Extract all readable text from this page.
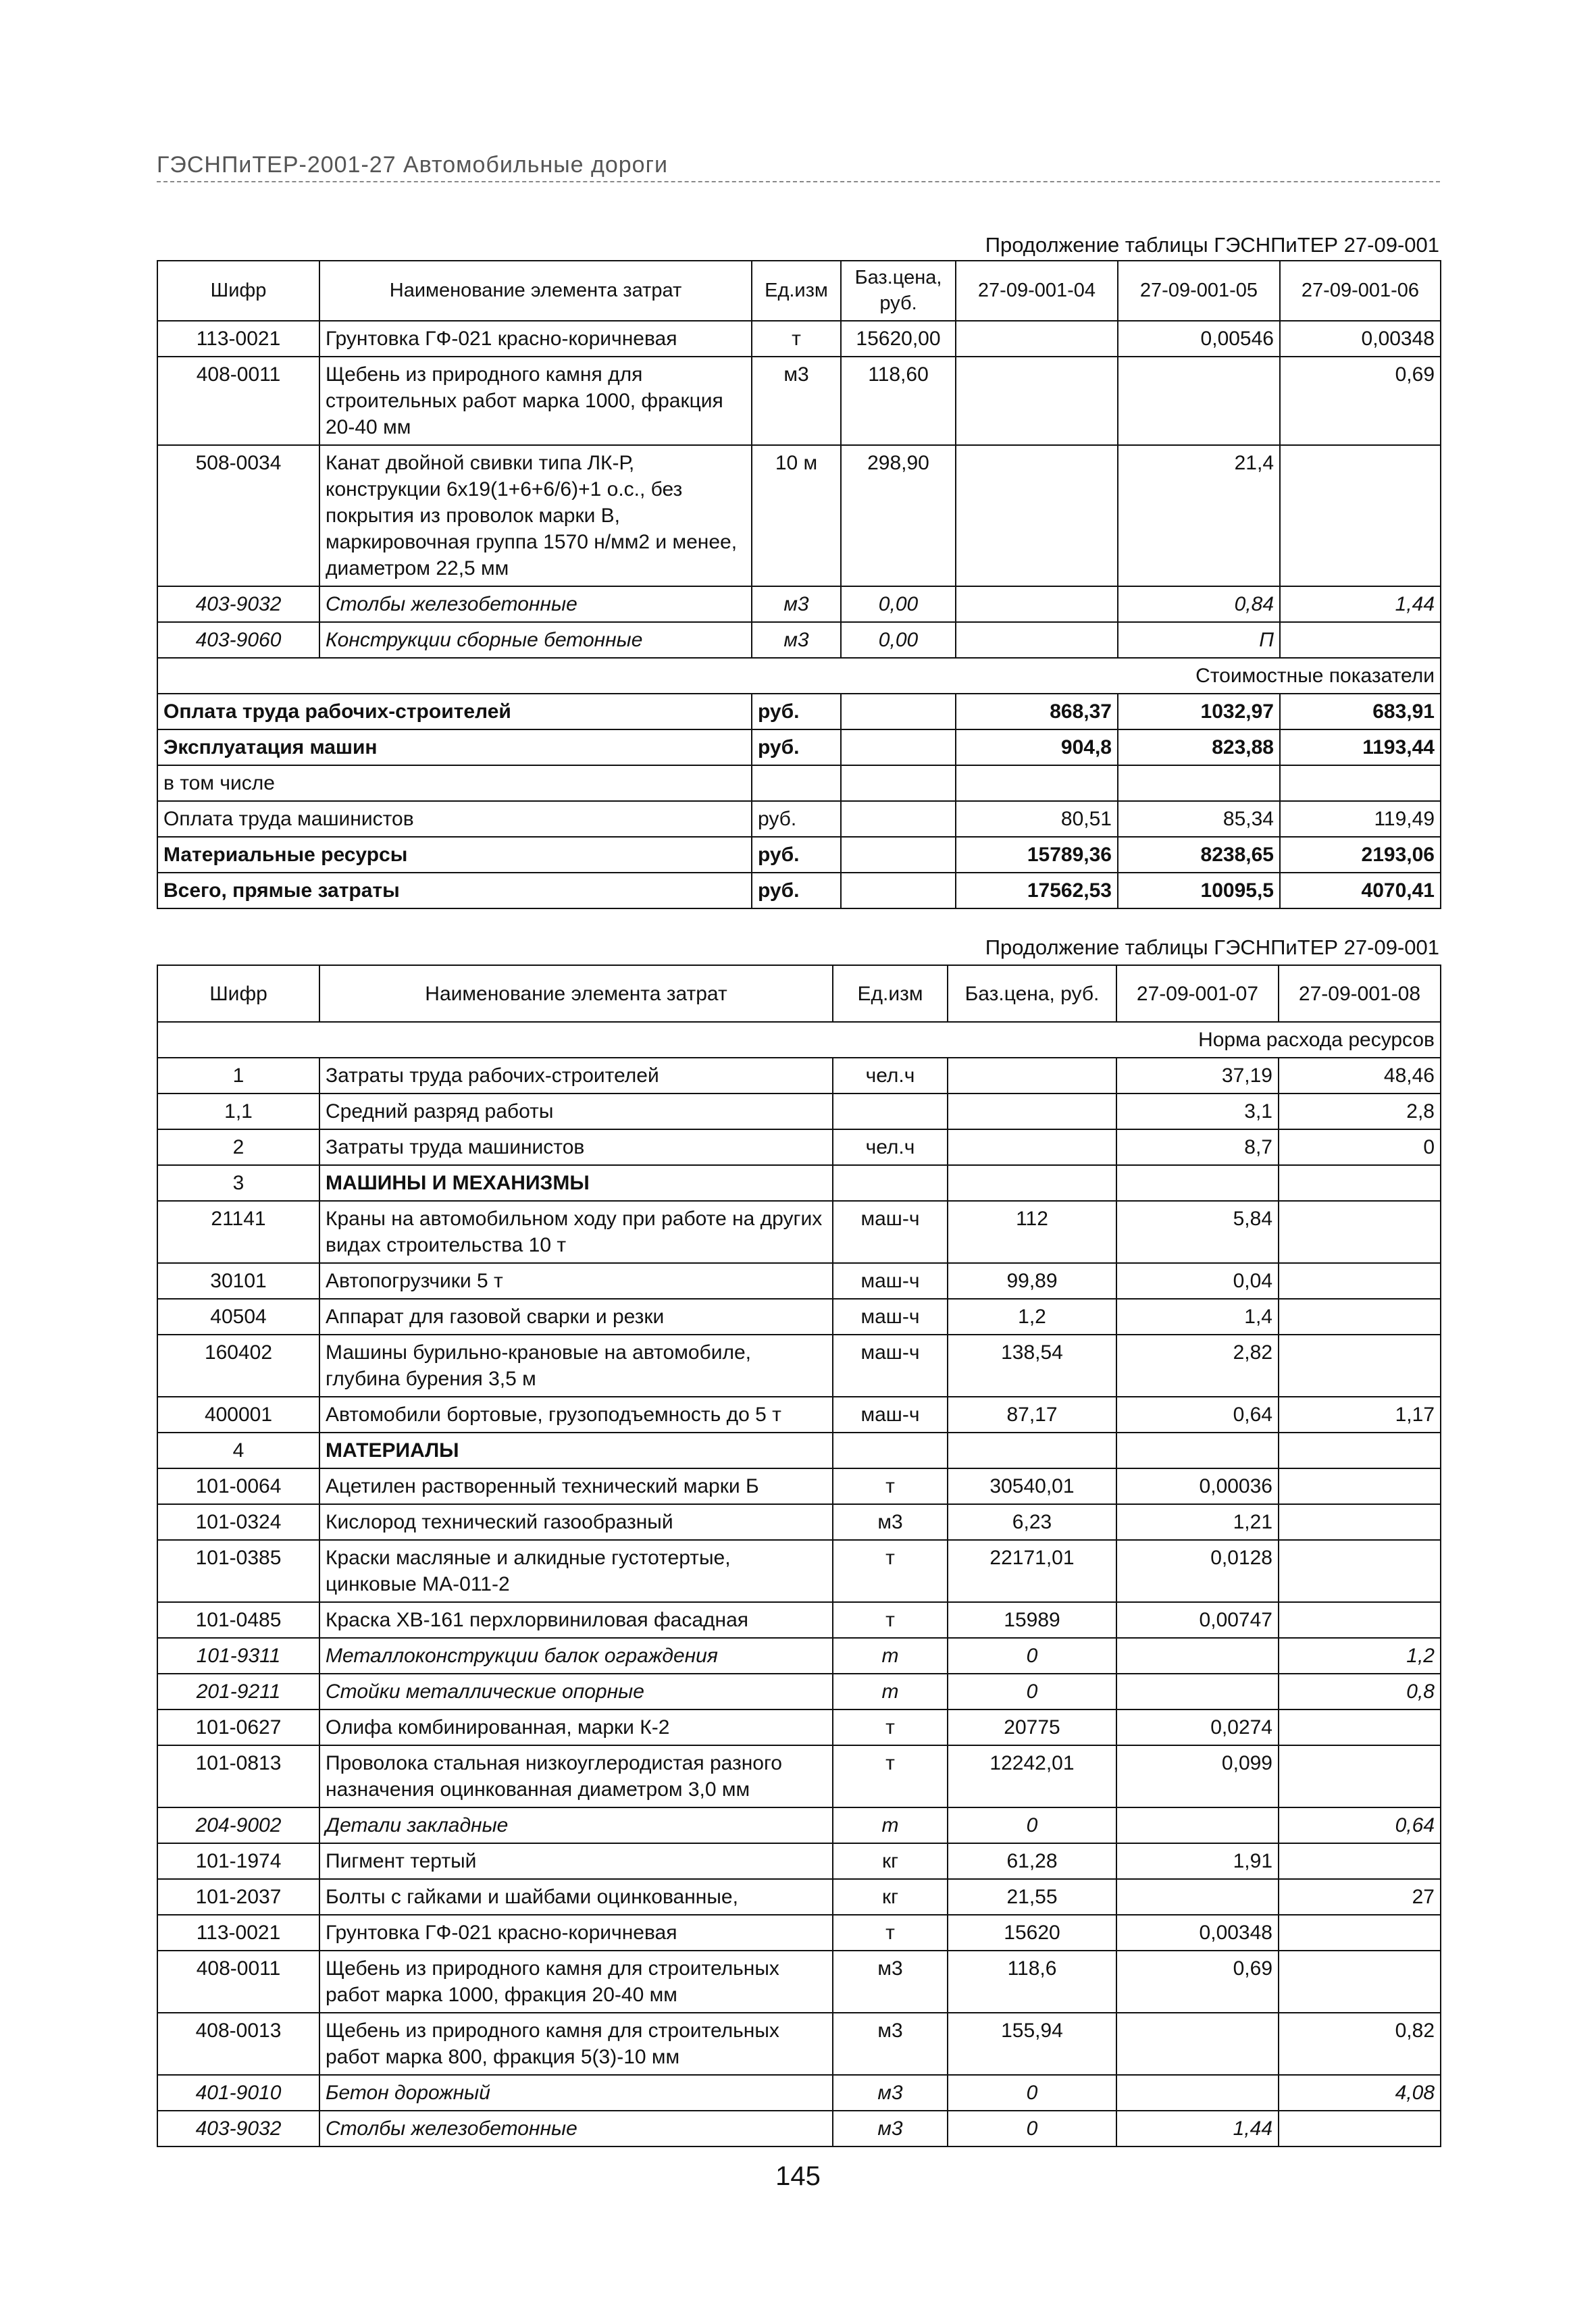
ГЭСНПиТЕР-2001-27 Автомобильные дороги
Продолжение таблицы ГЭСНПиТЕР 27-09-001
Шифр	Наименование элемента затрат	Ед.изм	Баз.цена, руб.	27-09-001-04	27-09-001-05	27-09-001-06
113-0021	Грунтовка ГФ-021 красно-коричневая	т	15620,00		0,00546	0,00348
408-0011	Щебень из природного камня для строительных работ марка 1000, фракция 20-40 мм	м3	118,60			0,69
508-0034	Канат двойной свивки типа ЛК-Р, конструкции 6х19(1+6+6/6)+1 о.с., без покрытия из проволок марки В, маркировочная группа 1570 н/мм2 и менее, диаметром 22,5 мм	10 м	298,90		21,4	
403-9032	Столбы железобетонные	м3	0,00		0,84	1,44
403-9060	Конструкции сборные бетонные	м3	0,00		П	
Стоимостные показатели						
Оплата труда рабочих-строителей		руб.		868,37	1032,97	683,91
Эксплуатация машин		руб.		904,8	823,88	1193,44
в том числе						
Оплата труда машинистов		руб.		80,51	85,34	119,49
Материальные ресурсы		руб.		15789,36	8238,65	2193,06
Всего, прямые затраты		руб.		17562,53	10095,5	4070,41
Продолжение таблицы ГЭСНПиТЕР 27-09-001
Шифр	Наименование элемента затрат	Ед.изм	Баз.цена, руб.	27-09-001-07	27-09-001-08
Норма расхода ресурсов					
1	Затраты труда рабочих-строителей	чел.ч		37,19	48,46
1,1	Средний разряд работы			3,1	2,8
2	Затраты труда машинистов	чел.ч		8,7	0
3	МАШИНЫ И МЕХАНИЗМЫ				
21141	Краны на автомобильном ходу при работе на других видах строительства 10 т	маш-ч	112	5,84	
30101	Автопогрузчики 5 т	маш-ч	99,89	0,04	
40504	Аппарат для газовой сварки и резки	маш-ч	1,2	1,4	
160402	Машины бурильно-крановые на автомобиле, глубина бурения 3,5 м	маш-ч	138,54	2,82	
400001	Автомобили бортовые, грузоподъемность до 5 т	маш-ч	87,17	0,64	1,17
4	МАТЕРИАЛЫ				
101-0064	Ацетилен растворенный технический марки Б	т	30540,01	0,00036	
101-0324	Кислород технический газообразный	м3	6,23	1,21	
101-0385	Краски масляные и алкидные густотертые, цинковые МА-011-2	т	22171,01	0,0128	
101-0485	Краска ХВ-161 перхлорвиниловая фасадная	т	15989	0,00747	
101-9311	Металлоконструкции балок ограждения	т	0		1,2
201-9211	Стойки металлические опорные	т	0		0,8
101-0627	Олифа комбинированная, марки К-2	т	20775	0,0274	
101-0813	Проволока стальная низкоуглеродистая разного назначения оцинкованная диаметром 3,0 мм	т	12242,01	0,099	
204-9002	Детали закладные	т	0		0,64
101-1974	Пигмент тертый	кг	61,28	1,91	
101-2037	Болты с гайками и шайбами оцинкованные,	кг	21,55		27
113-0021	Грунтовка ГФ-021 красно-коричневая	т	15620	0,00348	
408-0011	Щебень из природного камня для строительных работ марка 1000, фракция 20-40 мм	м3	118,6	0,69	
408-0013	Щебень из природного камня для строительных работ марка 800, фракция 5(3)-10 мм	м3	155,94		0,82
401-9010	Бетон дорожный	м3	0		4,08
403-9032	Столбы железобетонные	м3	0	1,44	
145
